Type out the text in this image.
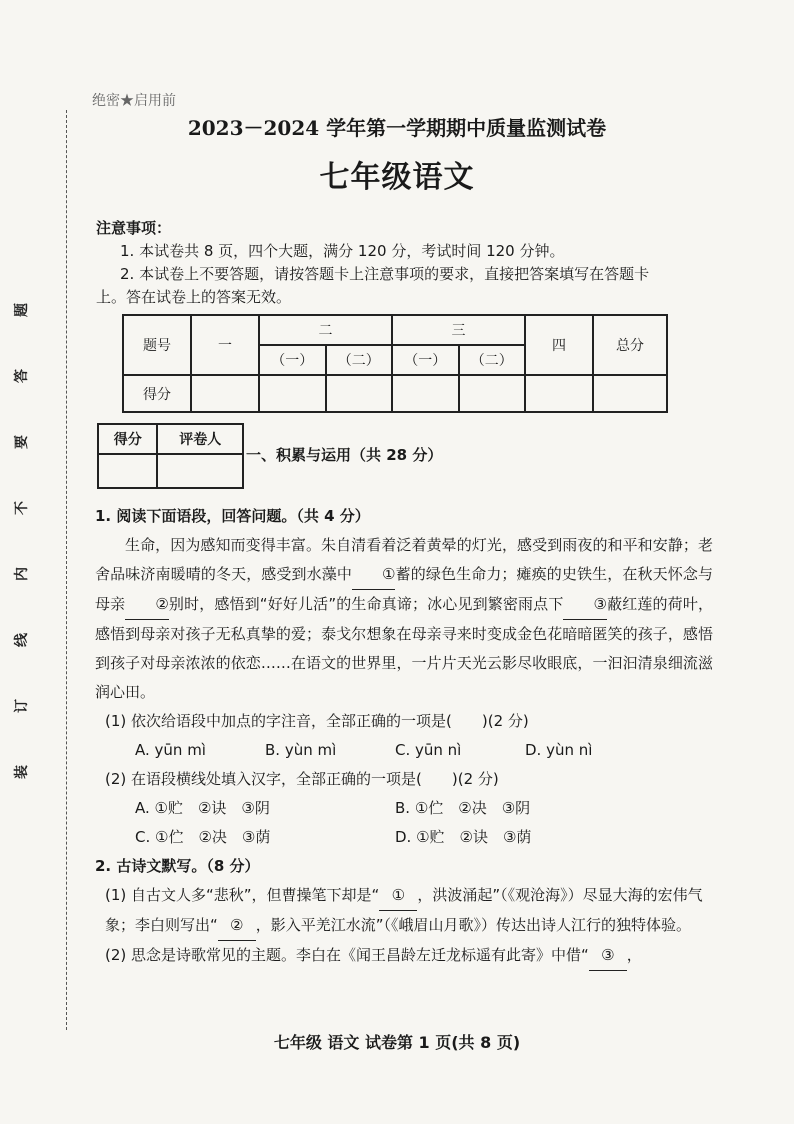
题
答
要
不
内
线
订
装
绝密★启用前
2023－2024 学年第一学期期中质量监测试卷
七年级语文
注意事项：
1. 本试卷共 8 页，四个大题，满分 120 分，考试时间 120 分钟。
2. 本试卷上不要答题，请按答题卡上注意事项的要求，直接把答案填写在答题卡
上。答在试卷上的答案无效。
题号	一	二		三		四	总分
		（一）	（二）	（一）	（二）		
得分							
得分	评卷人

一、积累与运用（共 28 分）
1. 阅读下面语段，回答问题。（共 4 分）
生命，因为感知而变得丰富。朱自清看着泛着黄晕的灯光，感受到雨夜的和平和安静；老舍品味济南暖晴的冬天，感受到水藻中 ①蓄的绿色生命力；瘫痪的史铁生，在秋天怀念与母亲 ②别时，感悟到“好好儿活”的生命真谛；冰心见到繁密雨点下 ③蔽红莲的荷叶，感悟到母亲对孩子无私真挚的爱；泰戈尔想象在母亲寻来时变成金色花暗暗匿笑的孩子，感悟到孩子对母亲浓浓的依恋……在语文的世界里，一片片天光云影尽收眼底，一汩汩清泉细流滋润心田。
(1) 依次给语段中加点的字注音，全部正确的一项是(　　)(2 分)
A. yūn mì	B. yùn mì	C. yūn nì	D. yùn nì
(2) 在语段横线处填入汉字，全部正确的一项是(　　)(2 分)
A. ①贮　②诀　③阴	B. ①伫　②决　③阴
C. ①伫　②决　③荫	D. ①贮　②诀　③荫
2. 古诗文默写。（8 分）
(1) 自古文人多“悲秋”，但曹操笔下却是“ ① ，洪波涌起”（《观沧海》）尽显大海的宏伟气象；李白则写出“ ② ，影入平羌江水流”（《峨眉山月歌》）传达出诗人江行的独特体验。
(2) 思念是诗歌常见的主题。李白在《闻王昌龄左迁龙标遥有此寄》中借“ ③ ，
七年级 语文 试卷第 1 页(共 8 页)
